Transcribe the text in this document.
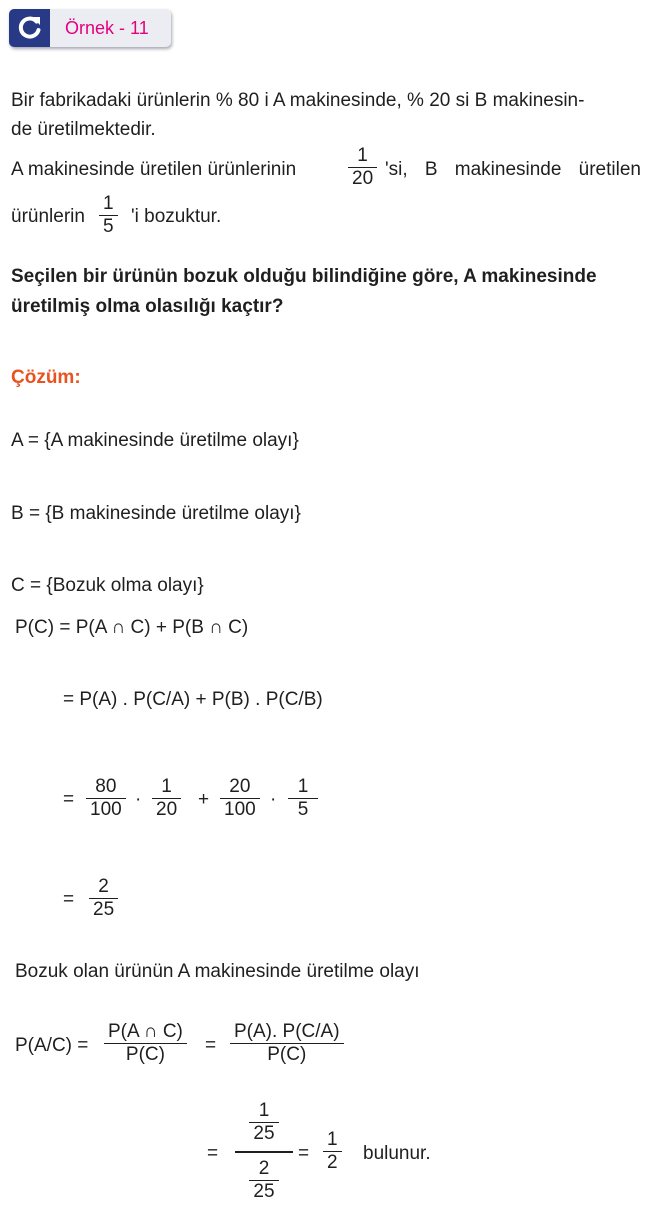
Örnek - 11
Bir fabrikadaki ürünlerin % 80 i A makinesinde, % 20 si B makinesin-
de üretilmektedir.
A makinesinde üretilen ürünlerinin
1
20 'si, B makinesinde üretilen
ürünlerin
1
5 'i bozuktur.
Seçilen bir ürünün bozuk olduğu bilindiğine göre, A makinesinde
üretilmiş olma olasılığı kaçtır?
Çözüm:
A = {A makinesinde üretilme olayı}
B = {B makinesinde üretilme olayı}
C = {Bozuk olma olayı}
P(C) = P(A ∩ C) + P(B ∩ C)
= P(A) . P(C/A) + P(B) . P(C/B)
=
80
100 ·
1
20 +
20
100 ·
1
5
=
2
25
Bozuk olan ürünün A makinesinde üretilme olayı
P(A/C) =
P(A ∩ C)
P(C) =
P(A). P(C/A)
P(C)
=
$\frac{1}{25}$
$\frac{2}{25}$
=
1
2 bulunur.
